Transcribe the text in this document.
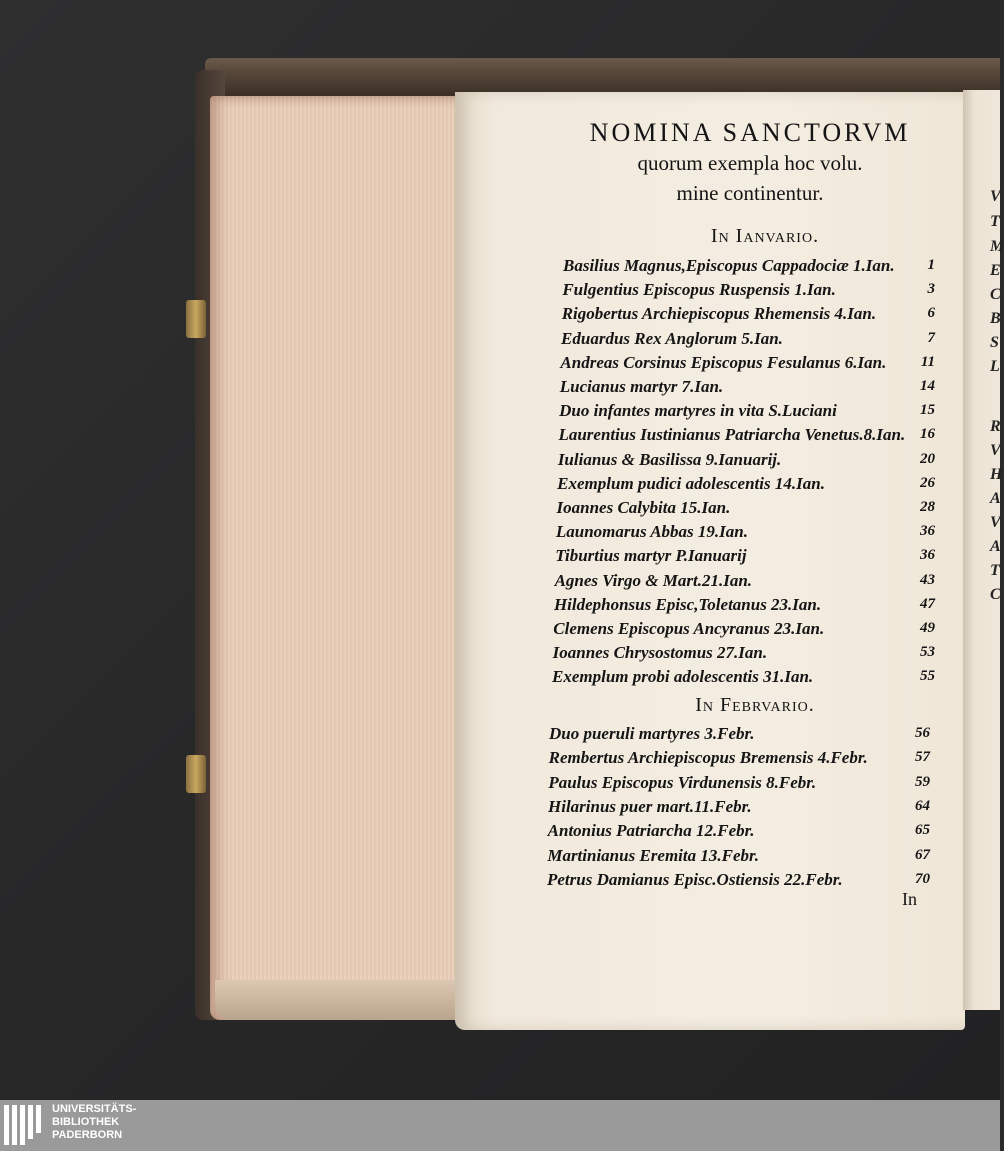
V
T
M
E
C
B
S
L
R
V
H
A
V
A
T
C
NOMINA SANCTORVM
quorum exempla hoc volu.
mine continentur.
In Ianvario.
In Febrvario.
Basilius Magnus,Episcopus Cappadociæ 1.Ian.	1
Fulgentius Episcopus Ruspensis 1.Ian.	3
Rigobertus Archiepiscopus Rhemensis 4.Ian.	6
Eduardus Rex Anglorum 5.Ian.	7
Andreas Corsinus Episcopus Fesulanus 6.Ian.	11
Lucianus martyr 7.Ian.	14
Duo infantes martyres in vita S.Luciani	15
Laurentius Iustinianus Patriarcha Venetus.8.Ian. 16
Iulianus & Basilissa 9.Ianuarij.	20
Exemplum pudici adolescentis 14.Ian.	26
Ioannes Calybita 15.Ian.	28
Launomarus Abbas 19.Ian.	36
Tiburtius martyr P.Ianuarij	36
Agnes Virgo & Mart.21.Ian.	43
Hildephonsus Episc,Toletanus 23.Ian.	47
Clemens Episcopus Ancyranus 23.Ian.	49
Ioannes Chrysostomus 27.Ian.	53
Exemplum probi adolescentis 31.Ian.	55
Duo pueruli martyres 3.Febr.	56
Rembertus Archiepiscopus Bremensis 4.Febr.	57
Paulus Episcopus Virdunensis 8.Febr.	59
Hilarinus puer mart.11.Febr.	64
Antonius Patriarcha 12.Febr.	65
Martinianus Eremita 13.Febr.	67
Petrus Damianus Episc.Ostiensis 22.Febr.	70
In
UNIVERSITÄTS-
BIBLIOTHEK
PADERBORN
